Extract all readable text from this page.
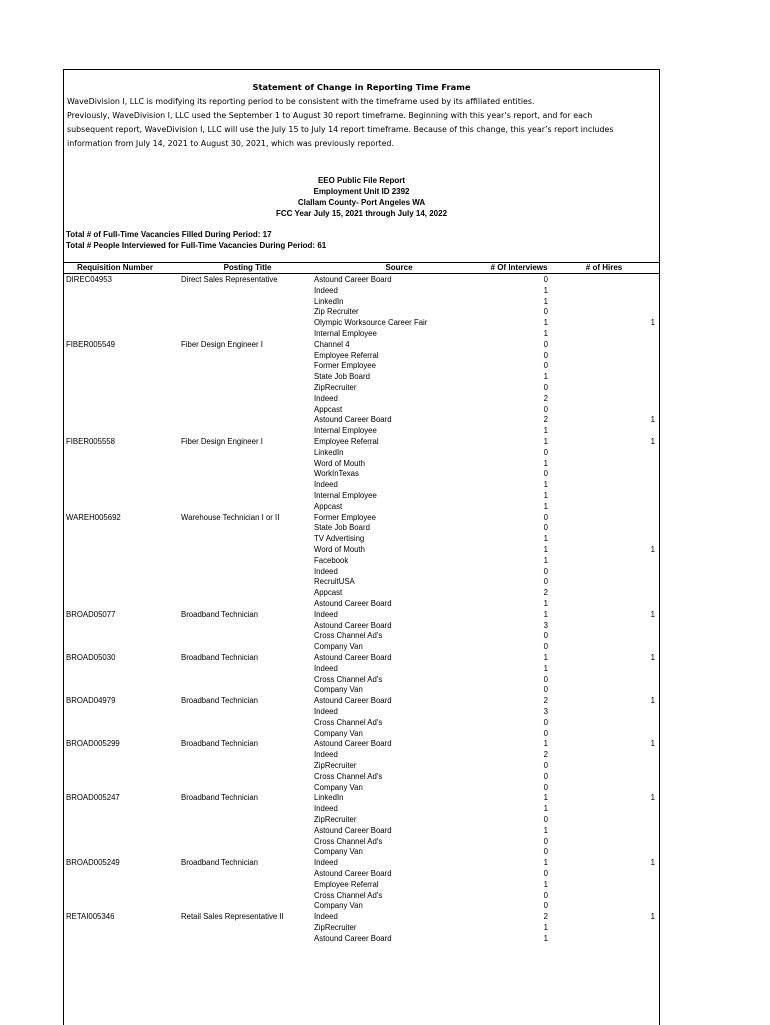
Statement of Change in Reporting Time Frame
WaveDivision I, LLC is modifying its reporting period to be consistent with the timeframe used by its affiliated entities.
Previously, WaveDivision I, LLC used the September 1 to August 30 report timeframe. Beginning with this year’s report, and for each
subsequent report, WaveDivision I, LLC will use the July 15 to July 14 report timeframe. Because of this change, this year’s report includes
information from July 14, 2021 to August 30, 2021, which was previously reported.
EEO Public File Report
Employment Unit ID 2392
Clallam County- Port Angeles WA
FCC Year July 15, 2021 through July 14, 2022
Total # of Full-Time Vacancies Filled During Period: 17
Total # People Interviewed for Full-Time Vacancies During Period: 61
Requisition Number	Posting Title	Source	# Of Interviews	# of Hires
DIREC04953	Direct Sales Representative	Astound Career Board	0
Indeed	1
LinkedIn	1
Zip Recruiter	0
Olympic Worksource Career Fair	1	1
Internal Employee	1
FIBER005549	Fiber Design Engineer I	Channel 4	0
Employee Referral	0
Former Employee	0
State Job Board	1
ZipRecruiter	0
Indeed	2
Appcast	0
Astound Career Board	2	1
Internal Employee	1
FIBER005558	Fiber Design Engineer I	Employee Referral	1	1
LinkedIn	0
Word of Mouth	1
WorkInTexas	0
Indeed	1
Internal Employee	1
Appcast	1
WAREH005692	Warehouse Technician I or II	Former Employee	0
State Job Board	0
TV Advertising	1
Word of Mouth	1	1
Facebook	1
Indeed	0
RecruitUSA	0
Appcast	2
Astound Career Board	1
BROAD05077	Broadband Technician	Indeed	1	1
Astound Career Board	3
Cross Channel Ad's	0
Company Van	0
BROAD05030	Broadband Technician	Astound Career Board	1	1
Indeed	1
Cross Channel Ad's	0
Company Van	0
BROAD04979	Broadband Technician	Astound Career Board	2	1
Indeed	3
Cross Channel Ad's	0
Company Van	0
BROAD005299	Broadband Technician	Astound Career Board	1	1
Indeed	2
ZipRecruiter	0
Cross Channel Ad's	0
Company Van	0
BROAD005247	Broadband Technician	LinkedIn	1	1
Indeed	1
ZipRecruiter	0
Astound Career Board	1
Cross Channel Ad's	0
Company Van	0
BROAD005249	Broadband Technician	Indeed	1	1
Astound Career Board	0
Employee Referral	1
Cross Channel Ad's	0
Company Van	0
RETAI005346	Retail Sales Representative II	Indeed	2	1
ZipRecruiter	1
Astound Career Board	1
